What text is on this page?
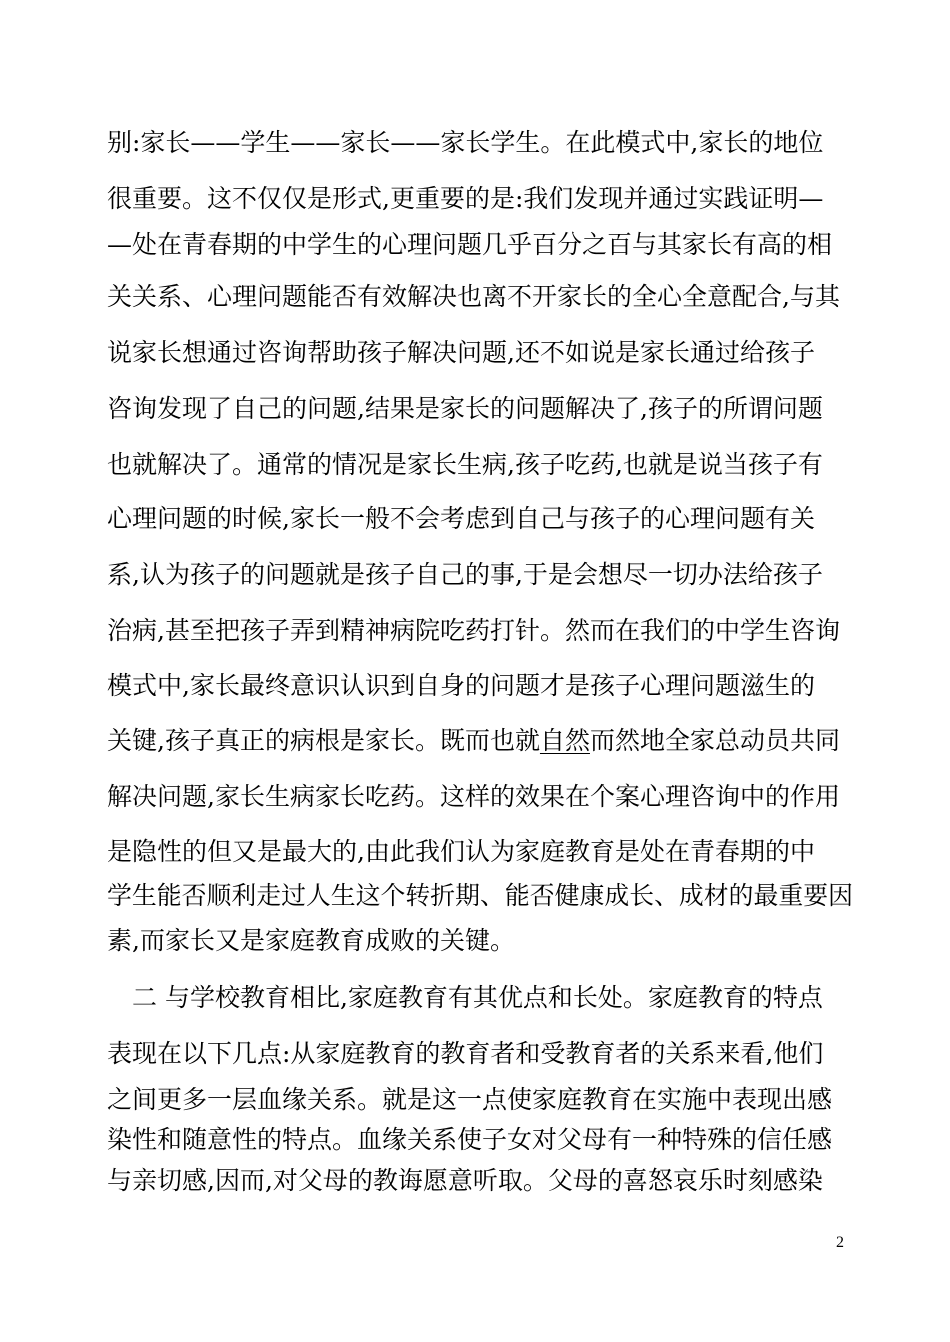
别:家长——学生——家长——家长学生。在此模式中,家长的地位
很重要。这不仅仅是形式,更重要的是:我们发现并通过实践证明—
—处在青春期的中学生的心理问题几乎百分之百与其家长有高的相
关关系、心理问题能否有效解决也离不开家长的全心全意配合,与其
说家长想通过咨询帮助孩子解决问题,还不如说是家长通过给孩子
咨询发现了自己的问题,结果是家长的问题解决了,孩子的所谓问题
也就解决了。通常的情况是家长生病,孩子吃药,也就是说当孩子有
心理问题的时候,家长一般不会考虑到自己与孩子的心理问题有关
系,认为孩子的问题就是孩子自己的事,于是会想尽一切办法给孩子
治病,甚至把孩子弄到精神病院吃药打针。然而在我们的中学生咨询
模式中,家长最终意识认识到自身的问题才是孩子心理问题滋生的
关键,孩子真正的病根是家长。既而也就自然而然地全家总动员共同
解决问题,家长生病家长吃药。这样的效果在个案心理咨询中的作用
是隐性的但又是最大的,由此我们认为家庭教育是处在青春期的中
学生能否顺利走过人生这个转折期、能否健康成长、成材的最重要因
素,而家长又是家庭教育成败的关键。
二 与学校教育相比,家庭教育有其优点和长处。家庭教育的特点
表现在以下几点:从家庭教育的教育者和受教育者的关系来看,他们
之间更多一层血缘关系。就是这一点使家庭教育在实施中表现出感
染性和随意性的特点。血缘关系使子女对父母有一种特殊的信任感
与亲切感,因而,对父母的教诲愿意听取。父母的喜怒哀乐时刻感染
2
